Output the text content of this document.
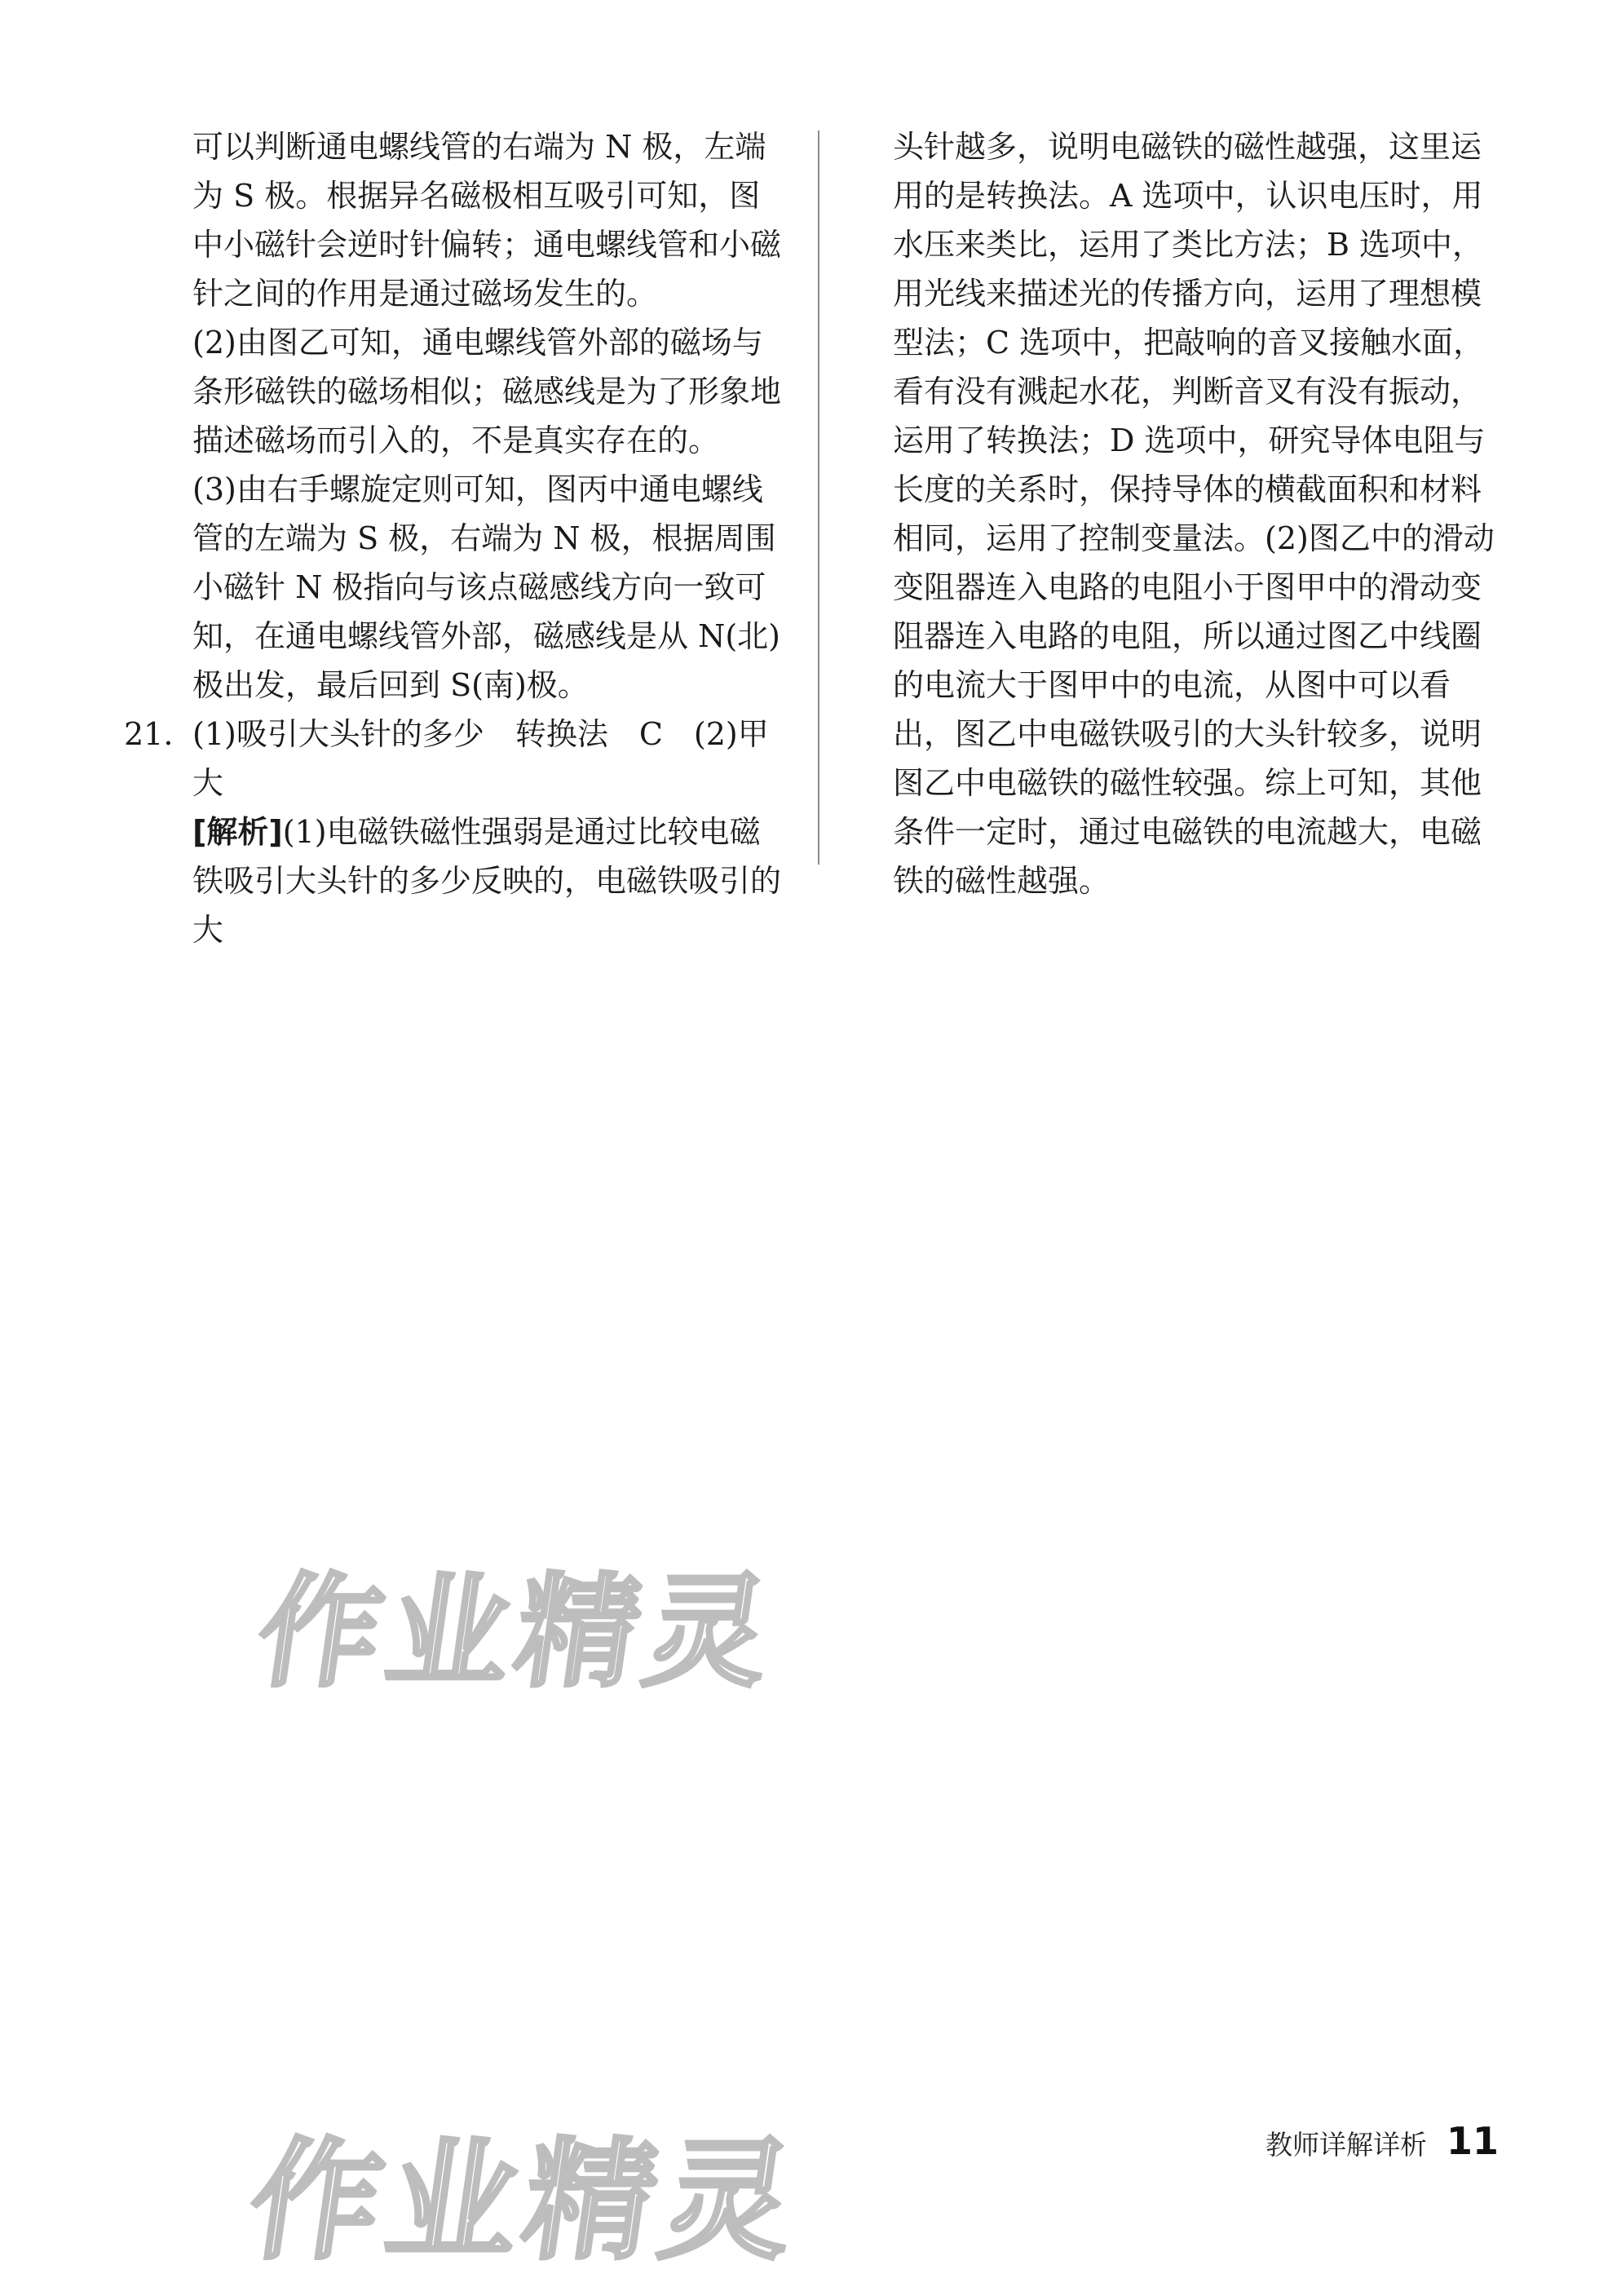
可以判断通电螺线管的右端为 N 极，左端为 S 极。根据异名磁极相互吸引可知，图中小磁针会逆时针偏转；通电螺线管和小磁针之间的作用是通过磁场发生的。

(2)由图乙可知，通电螺线管外部的磁场与条形磁铁的磁场相似；磁感线是为了形象地描述磁场而引入的，不是真实存在的。

(3)由右手螺旋定则可知，图丙中通电螺线管的左端为 S 极，右端为 N 极，根据周围小磁针 N 极指向与该点磁感线方向一致可知，在通电螺线管外部，磁感线是从 N(北)极出发，最后回到 S(南)极。

21. (1)吸引大头针的多少　转换法　C　(2)甲　大
[解析](1)电磁铁磁性强弱是通过比较电磁铁吸引大头针的多少反映的，电磁铁吸引的大

头针越多，说明电磁铁的磁性越强，这里运用的是转换法。A 选项中，认识电压时，用水压来类比，运用了类比方法；B 选项中，用光线来描述光的传播方向，运用了理想模型法；C 选项中，把敲响的音叉接触水面，看有没有溅起水花，判断音叉有没有振动，运用了转换法；D 选项中，研究导体电阻与长度的关系时，保持导体的横截面积和材料相同，运用了控制变量法。(2)图乙中的滑动变阻器连入电路的电阻小于图甲中的滑动变阻器连入电路的电阻，所以通过图乙中线圈的电流大于图甲中的电流，从图中可以看出，图乙中电磁铁吸引的大头针较多，说明图乙中电磁铁的磁性较强。综上可知，其他条件一定时，通过电磁铁的电流越大，电磁铁的磁性越强。

作业精灵
作业精灵	教师详解详析 11
